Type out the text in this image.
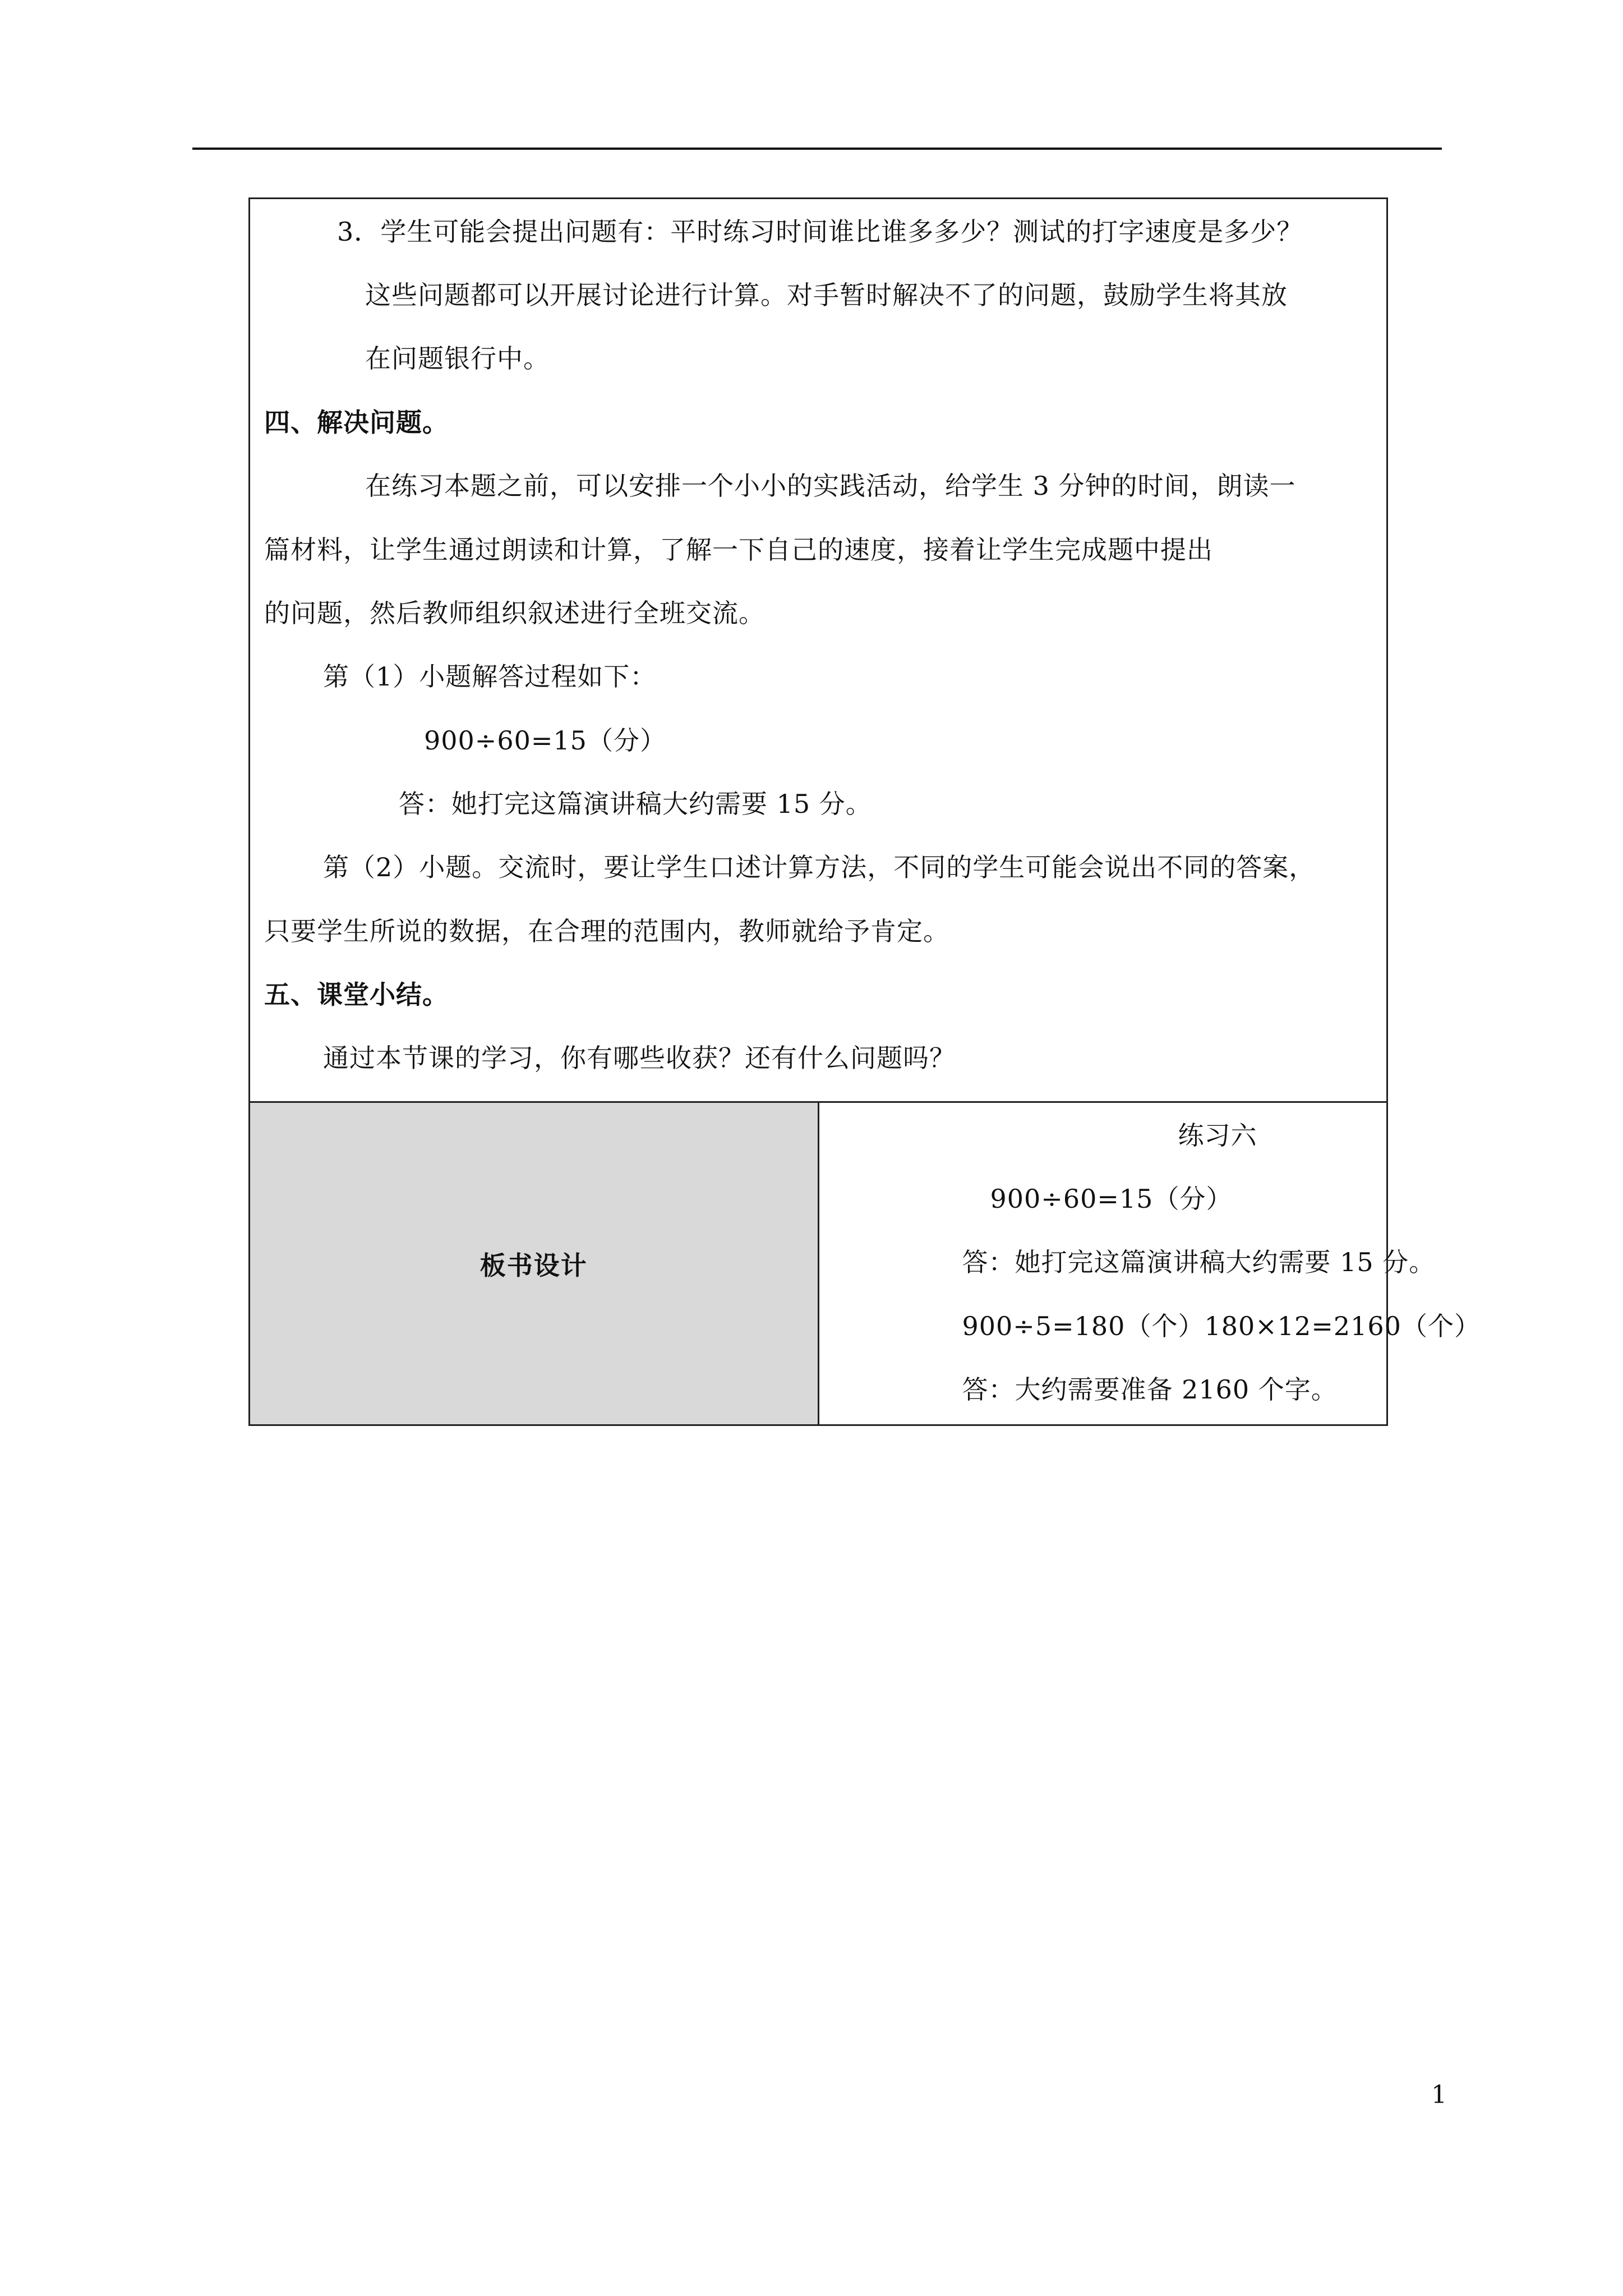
3．学生可能会提出问题有：平时练习时间谁比谁多多少？测试的打字速度是多少？
这些问题都可以开展讨论进行计算。对手暂时解决不了的问题，鼓励学生将其放
在问题银行中。
四、解决问题。
在练习本题之前，可以安排一个小小的实践活动，给学生 3 分钟的时间，朗读一
篇材料，让学生通过朗读和计算，了解一下自己的速度，接着让学生完成题中提出
的问题，然后教师组织叙述进行全班交流。
第（1）小题解答过程如下：
900÷60=15（分）
答：她打完这篇演讲稿大约需要 15 分。
第（2）小题。交流时，要让学生口述计算方法，不同的学生可能会说出不同的答案，
只要学生所说的数据，在合理的范围内，教师就给予肯定。
五、课堂小结。
通过本节课的学习，你有哪些收获？还有什么问题吗？

板书设计	
练习六
900÷60=15（分）
答：她打完这篇演讲稿大约需要 15 分。
900÷5=180（个）180×12=2160（个）
答：大约需要准备 2160 个字。
1
